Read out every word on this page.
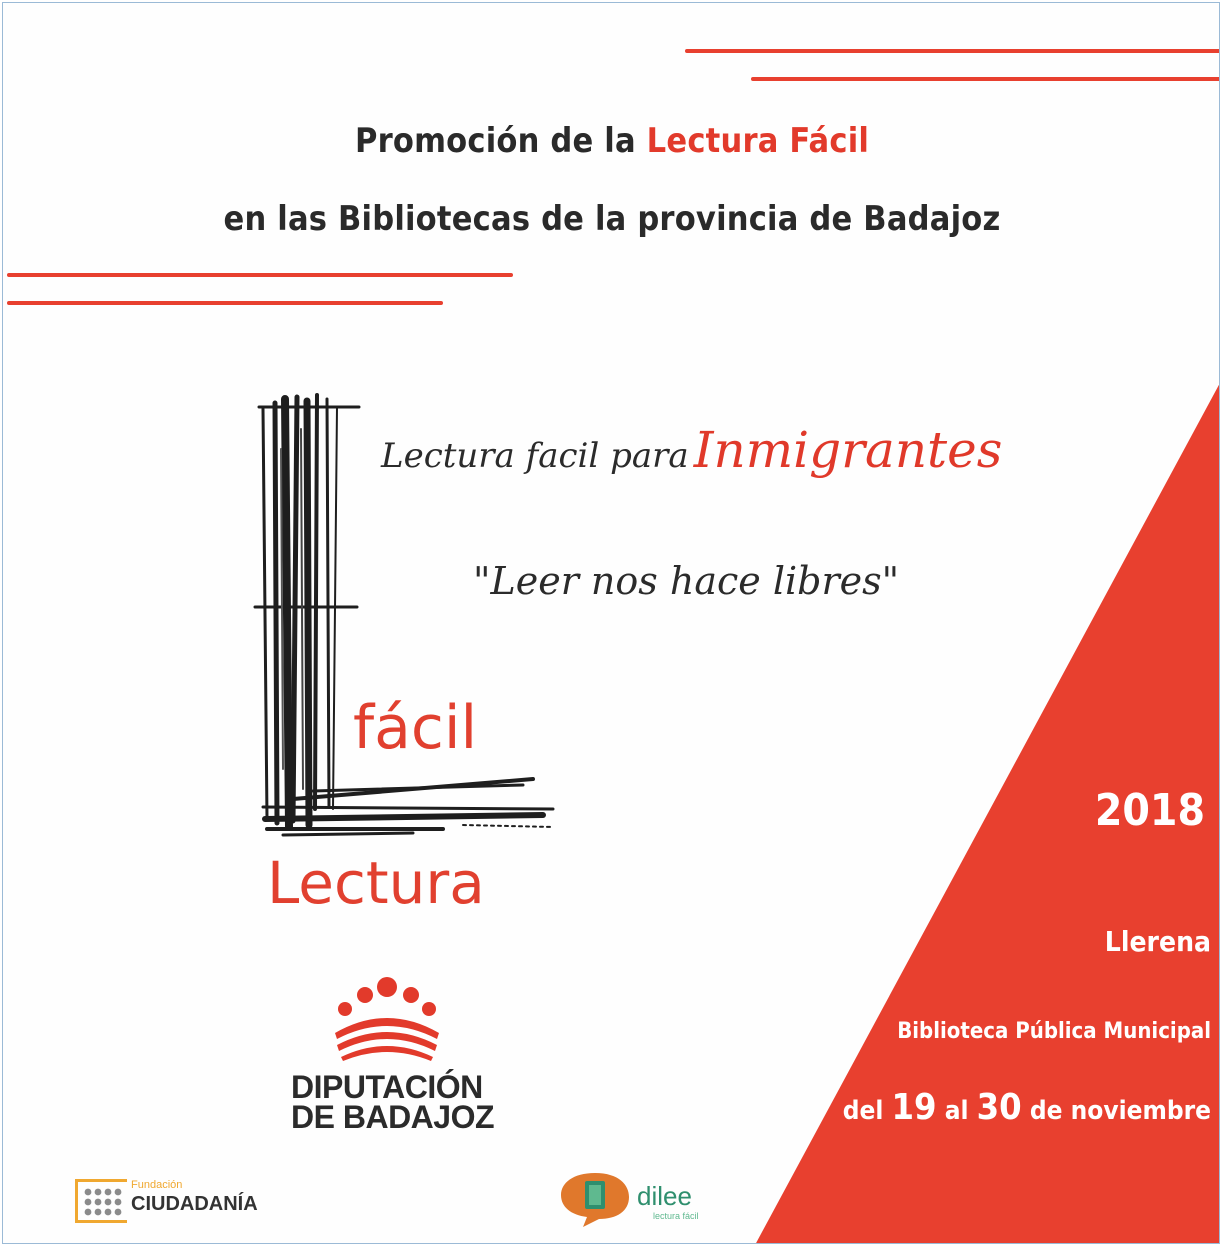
Promoción de la Lectura Fácil
en las Bibliotecas de la provincia de Badajoz
Lectura facil para Inmigrantes
"Leer nos hace libres"
fácil
Lectura
DIPUTACIÓN
DE BADAJOZ
2018
Llerena
Biblioteca Pública Municipal
del 19 al 30 de noviembre
Fundación
CIUDADANÍA	dilee
lectura fácil
